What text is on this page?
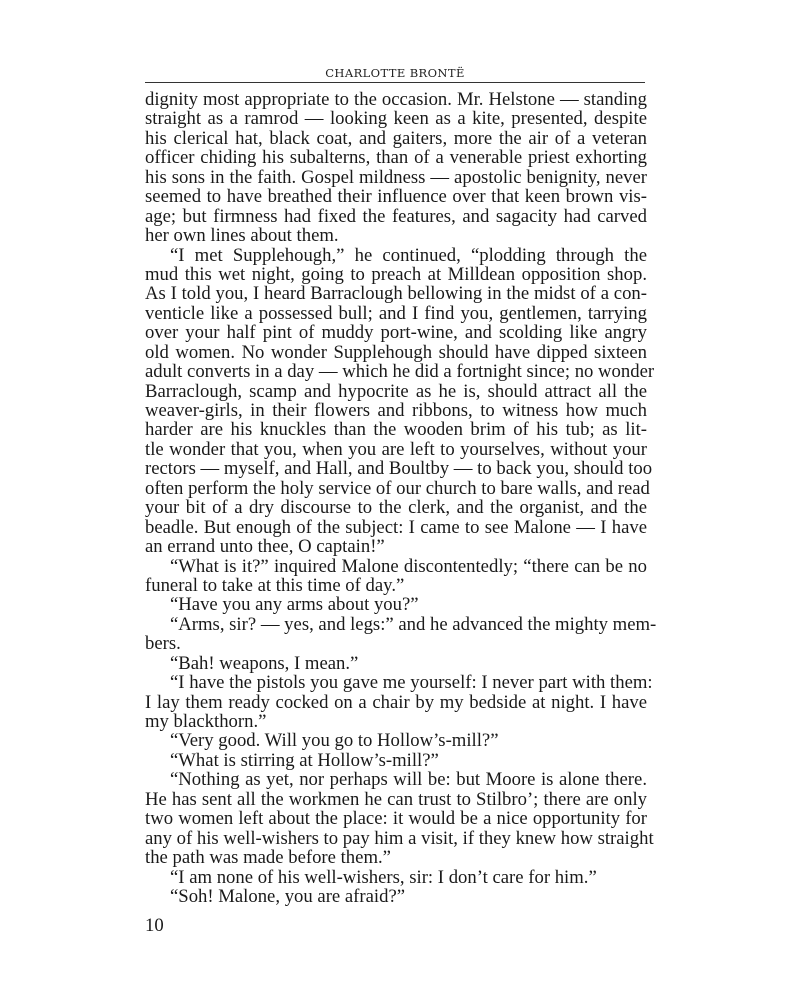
CHARLOTTE BRONTË
dignity most appropriate to the occasion. Mr. Helstone — standing
straight as a ramrod — looking keen as a kite, presented, despite
his clerical hat, black coat, and gaiters, more the air of a veteran
officer chiding his subalterns, than of a venerable priest exhorting
his sons in the faith. Gospel mildness — apostolic benignity, never
seemed to have breathed their influence over that keen brown vis-
age; but firmness had fixed the features, and sagacity had carved
her own lines about them.
“I met Supplehough,” he continued, “plodding through the
mud this wet night, going to preach at Milldean opposition shop.
As I told you, I heard Barraclough bellowing in the midst of a con-
venticle like a possessed bull; and I find you, gentlemen, tarrying
over your half pint of muddy port-wine, and scolding like angry
old women. No wonder Supplehough should have dipped sixteen
adult converts in a day — which he did a fortnight since; no wonder
Barraclough, scamp and hypocrite as he is, should attract all the
weaver-girls, in their flowers and ribbons, to witness how much
harder are his knuckles than the wooden brim of his tub; as lit-
tle wonder that you, when you are left to yourselves, without your
rectors — myself, and Hall, and Boultby — to back you, should too
often perform the holy service of our church to bare walls, and read
your bit of a dry discourse to the clerk, and the organist, and the
beadle. But enough of the subject: I came to see Malone — I have
an errand unto thee, O captain!”
“What is it?” inquired Malone discontentedly; “there can be no
funeral to take at this time of day.”
“Have you any arms about you?”
“Arms, sir? — yes, and legs:” and he advanced the mighty mem-
bers.
“Bah! weapons, I mean.”
“I have the pistols you gave me yourself: I never part with them:
I lay them ready cocked on a chair by my bedside at night. I have
my blackthorn.”
“Very good. Will you go to Hollow’s-mill?”
“What is stirring at Hollow’s-mill?”
“Nothing as yet, nor perhaps will be: but Moore is alone there.
He has sent all the workmen he can trust to Stilbro’; there are only
two women left about the place: it would be a nice opportunity for
any of his well-wishers to pay him a visit, if they knew how straight
the path was made before them.”
“I am none of his well-wishers, sir: I don’t care for him.”
“Soh! Malone, you are afraid?”
10
